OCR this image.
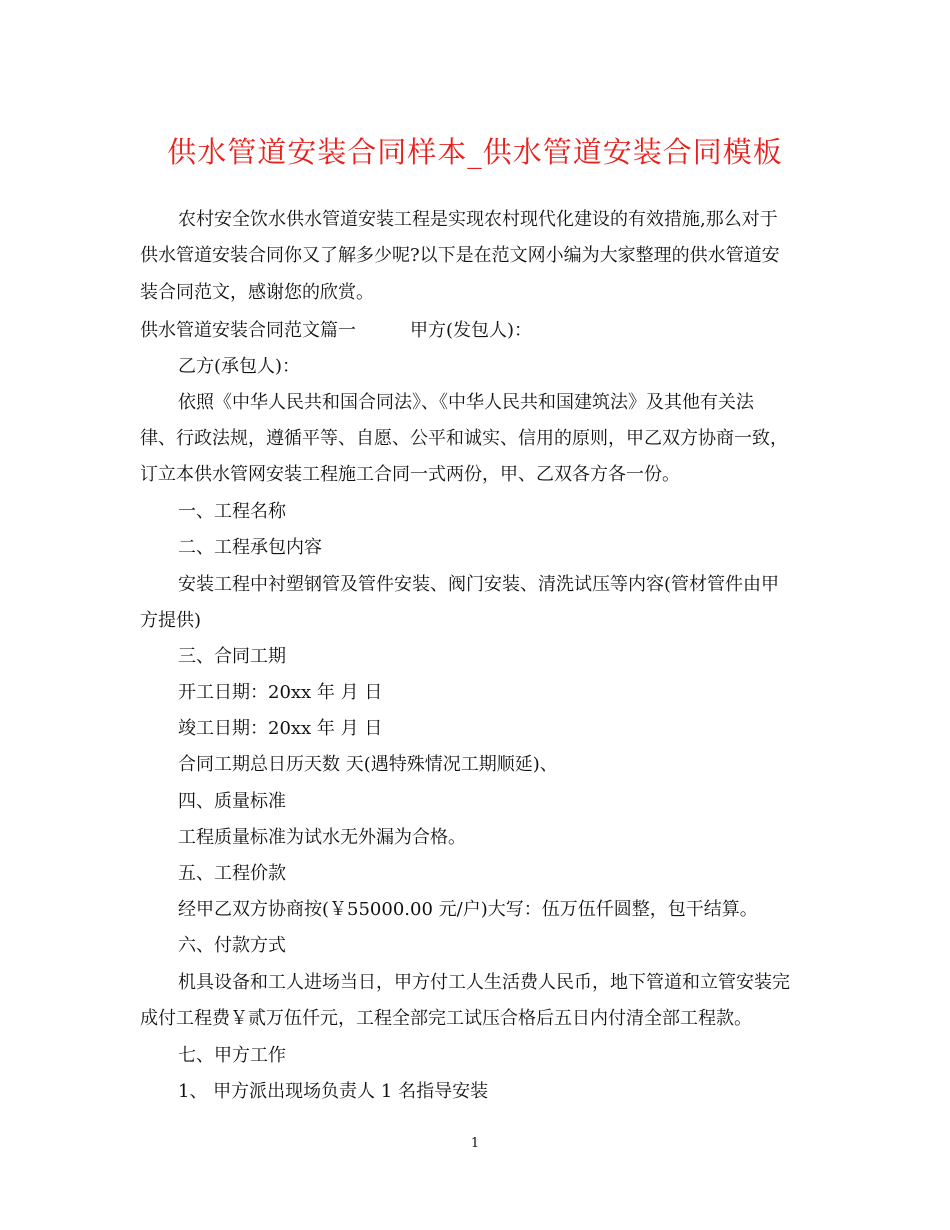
供水管道安装合同样本_供水管道安装合同模板
农村安全饮水供水管道安装工程是实现农村现代化建设的有效措施,那么对于
供水管道安装合同你又了解多少呢?以下是在范文网小编为大家整理的供水管道安
装合同范文，感谢您的欣赏。
供水管道安装合同范文篇一　　　甲方(发包人)：
乙方(承包人)：
依照《中华人民共和国合同法》、《中华人民共和国建筑法》及其他有关法
律、行政法规，遵循平等、自愿、公平和诚实、信用的原则，甲乙双方协商一致，
订立本供水管网安装工程施工合同一式两份，甲、乙双各方各一份。
一、工程名称
二、工程承包内容
安装工程中衬塑钢管及管件安装、阀门安装、清洗试压等内容(管材管件由甲
方提供)
三、合同工期
开工日期：20xx 年 月 日
竣工日期：20xx 年 月 日
合同工期总日历天数 天(遇特殊情况工期顺延)、
四、质量标准
工程质量标准为试水无外漏为合格。
五、工程价款
经甲乙双方协商按(￥55000.00 元/户)大写：伍万伍仟圆整，包干结算。
六、付款方式
机具设备和工人进场当日，甲方付工人生活费人民币，地下管道和立管安装完
成付工程费￥贰万伍仟元，工程全部完工试压合格后五日内付清全部工程款。
七、甲方工作
1、 甲方派出现场负责人 1 名指导安装
1
